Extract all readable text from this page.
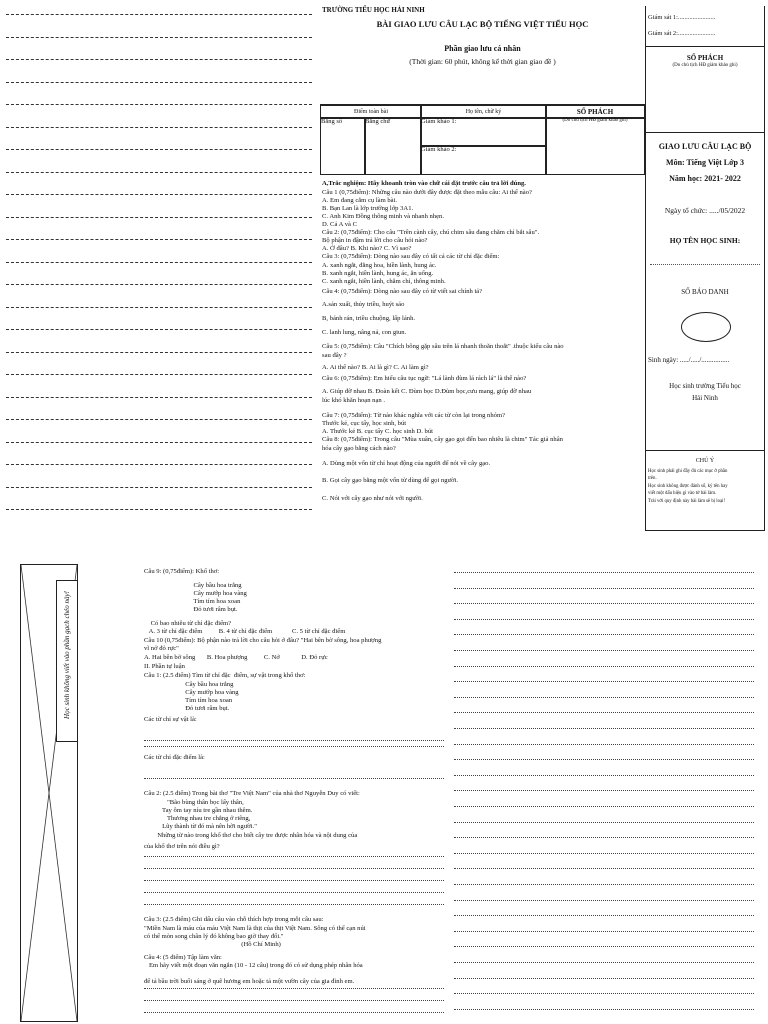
TRƯỜNG TIỂU HỌC HẢI NINH
BÀI GIAO LƯU CÂU LẠC BỘ TIẾNG VIỆT TIỂU HỌC
Phần giao lưu cá nhân
(Thời gian: 60 phút, không kể thời gian giao đề )
Điểm toàn bài	Họ tên, chữ ký	SỐ PHÁCH
Bằng số	Bằng chữ	Giám khảo 1:
Giám khảo 2:
(Do chủ tịch HĐ giám khảo ghi)
A,Trắc nghiệm: Hãy khoanh tròn vào chữ cái đặt trước câu trả lời đúng.
Câu 1 (0,75điểm): Những câu nào dưới đây được đặt theo mẫu câu: Ai thế nào?
A. Em đang cắm cụ làm bài.
B. Bạn Lan là lớp trưởng lớp 3A1.
C. Anh Kim Đồng thông minh và nhanh nhẹn.
D. Cả A và C
Câu 2: (0,75điểm): Cho câu "Trên cành cây, chú chim sâu đang chăm chỉ bắt sâu".
Bộ phận in đậm trả lời cho câu hỏi nào?
A. Ở đâu? B. Khi nào? C. Vì sao?
Câu 3: (0,75điểm): Dòng nào sau đây có tất cả các từ chỉ đặc điểm:
A. xanh ngắt, đằng hoa, hiền lành, hung ác.
B. xanh ngắt, hiền lành, hung ác, ăn uống.
C. xanh ngắt, hiền lành, chăm chỉ, thông minh.
Câu 4: (0,75điểm): Dòng nào sau đây có từ viết sai chính tả?
A.sản xuất, thủy triều, huýt sáo
B, bánh rán, triều chuộng, lấp lánh.
C. lanh lung, nâng nả, con giun.
Câu 5: (0,75điểm): Câu "Chích bông gặp sâu trên lá nhanh thoăn thoắt" .thuộc kiểu câu nào
sau đây ?
A. Ai thế nào? B. Ai là gì? C. Ai làm gì?
Câu 6: (0,75điểm): Em hiểu câu tục ngữ: "Lá lành đùm lá rách lá" là thế nào?
A. Giúp đỡ nhau B. Đoàn kết C. Đùm bọc D.Đùm bọc,cưu mang, giúp đỡ nhau
lúc khó khăn hoạn nạn .
Câu 7: (0,75điểm): Từ nào khác nghĩa với các từ còn lại trong nhóm?
Thước kẻ, cục tẩy, học sinh, bút
A. Thước kẻ B. cục tẩy C. học sinh D. bút
Câu 8: (0,75điểm): Trong câu "Mùa xuân, cây gạo gọi đến bao nhiêu là chim" Tác giả nhân
hóa cây gạo bằng cách nào?
A. Dùng một vốn từ chỉ hoạt động của người để nói về cây gạo.
B. Gọi cây gạo bằng một vốn từ dùng để gọi người.
C. Nói với cây gạo như nói với người.
Giám sát 1:.......................
Giám sát 2:.......................
SỐ PHÁCH
(Do chủ tịch HĐ giám khảo ghi)
GIAO LƯU CÂU LẠC BỘ
Môn: Tiếng Việt Lớp 3
Năm học: 2021- 2022
Ngày tổ chức: ...../05/2022
HỌ TÊN HỌC SINH:
SỐ BÁO DANH
Sinh ngày: ...../...../................
Học sinh trường Tiểu học
Hải Ninh
CHÚ Ý
Học sinh phải ghi đầy đủ các mục ở phần
trên.
Học sinh không được đánh số, ký tên hay
viết một dấu hiệu gì vào tờ bài làm.
Trái với quy định này bài làm sẽ bị loại!
Học sinh không viết vào phần gạch chéo này!
Câu 9: (0,75điểm): Khổ thơ:
Cây bầu hoa trắng
Cây mướp hoa vàng
Tím tím hoa xoan
Đỏ tươi râm bụt.
Có bao nhiêu từ chỉ đặc điểm?
A. 3 từ chỉ đặc điểm          B. 4 từ chỉ đặc điểm            C. 5 từ chỉ đặc điểm
Câu 10 (0,75điểm): Bộ phận nào trả lời cho câu hỏi ở đâu? "Hai bên bờ sông, hoa phượng
vĩ nở đỏ rực"
A. Hai bên bờ sông       B. Hoa phượng          C. Nở             D. Đỏ rực
II. Phần tự luận
Câu 1: (2.5 điểm) Tìm từ chỉ đặc  điểm, sự vật trong khổ thơ:
Cây bầu hoa trắng
Cây mướp hoa vàng
Tím tím hoa xoan
Đỏ tươi râm bụt.
Các từ chỉ sự vật là:
Các từ chỉ đặc điểm là:
Câu 2: (2.5 điểm) Trong bài thơ "Tre Việt Nam" của nhà thơ Nguyễn Duy có viết:
"Bão bùng thân bọc lấy thân,
Tay ôm tay níu tre gần nhau thêm.
Thương nhau tre chẳng ở riêng,
Lũy thành từ đó mà nên hỡi người."
Những từ nào trong khổ thơ cho biết cây tre được nhân hóa và nội dung của
của khổ thơ trên nói điều gì?
Câu 3: (2.5 điểm) Ghi dấu câu vào chỗ thích hợp trong mỗi câu sau:
"Miền Nam là máu của máu Việt Nam là thịt của thịt Việt Nam. Sông có thể cạn núi
có thể mòn song chân lý đó không bao giờ thay đổi."
(Hồ Chí Minh)
Câu 4: (5 điểm) Tập làm văn:
Em hãy viết một đoạn văn ngắn (10 - 12 câu) trong đó có sử dụng phép nhân hóa
để tả bầu trời buổi sáng ở quê hương em hoặc tả một vườn cây của gia đình em.
